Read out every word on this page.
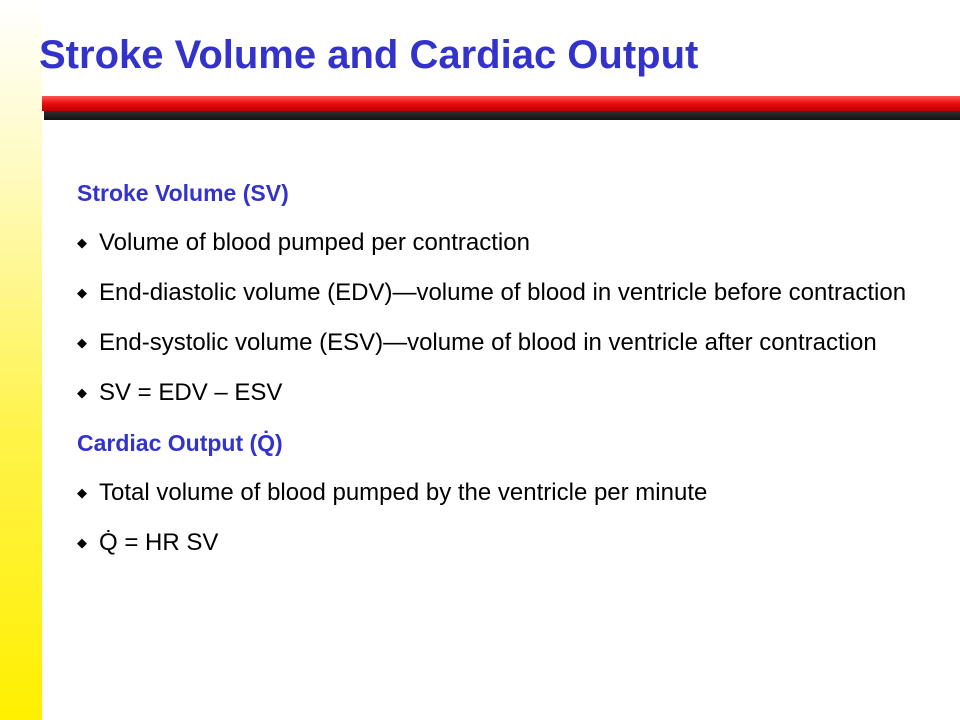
Stroke Volume and Cardiac Output
Stroke Volume (SV)
◆ Volume of blood pumped per contraction
◆ End-diastolic volume (EDV)—volume of blood in ventricle before contraction
◆ End-systolic volume (ESV)—volume of blood in ventricle after contraction
◆ SV = EDV – ESV
Cardiac Output (Q̇)
◆ Total volume of blood pumped by the ventricle per minute
◆ Q̇ = HR SV
